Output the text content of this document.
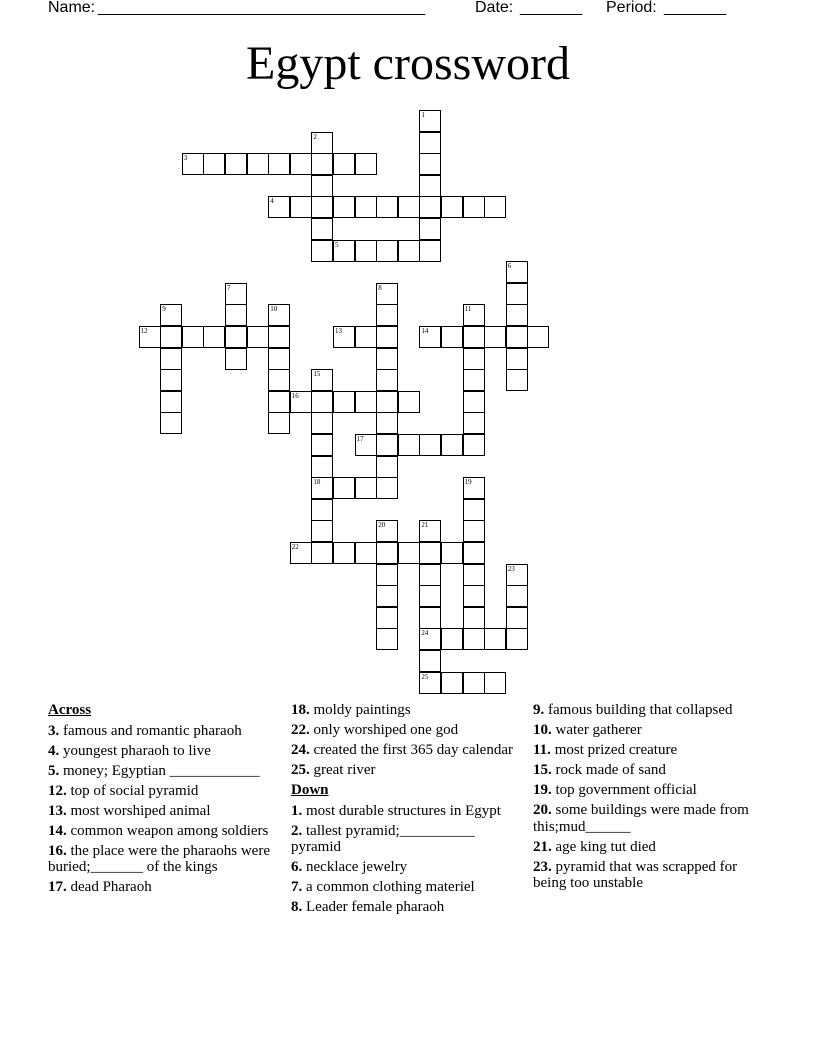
Name: ______________________________________	Date: _______ Period: _______
Egypt crossword
1
2
3
4
5
6
7	8
9	10	11
12	13	14
15
18
16
17
19
20	21
24
25
22
23
Across
3. famous and romantic pharaoh
4. youngest pharaoh to live
5. money; Egyptian ____________
12. top of social pyramid
13. most worshiped animal
14. common weapon among soldiers
16. the place were the pharaohs were buried;_______ of the kings
17. dead Pharaoh
18. moldy paintings
22. only worshiped one god
24. created the first 365 day calendar
25. great river
Down
1. most durable structures in Egypt
2. tallest pyramid;__________ pyramid
6. necklace jewelry
7. a common clothing materiel
8. Leader female pharaoh
9. famous building that collapsed
10. water gatherer
11. most prized creature
15. rock made of sand
19. top government official
20. some buildings were made from this;mud______
21. age king tut died
23. pyramid that was scrapped for being too unstable
